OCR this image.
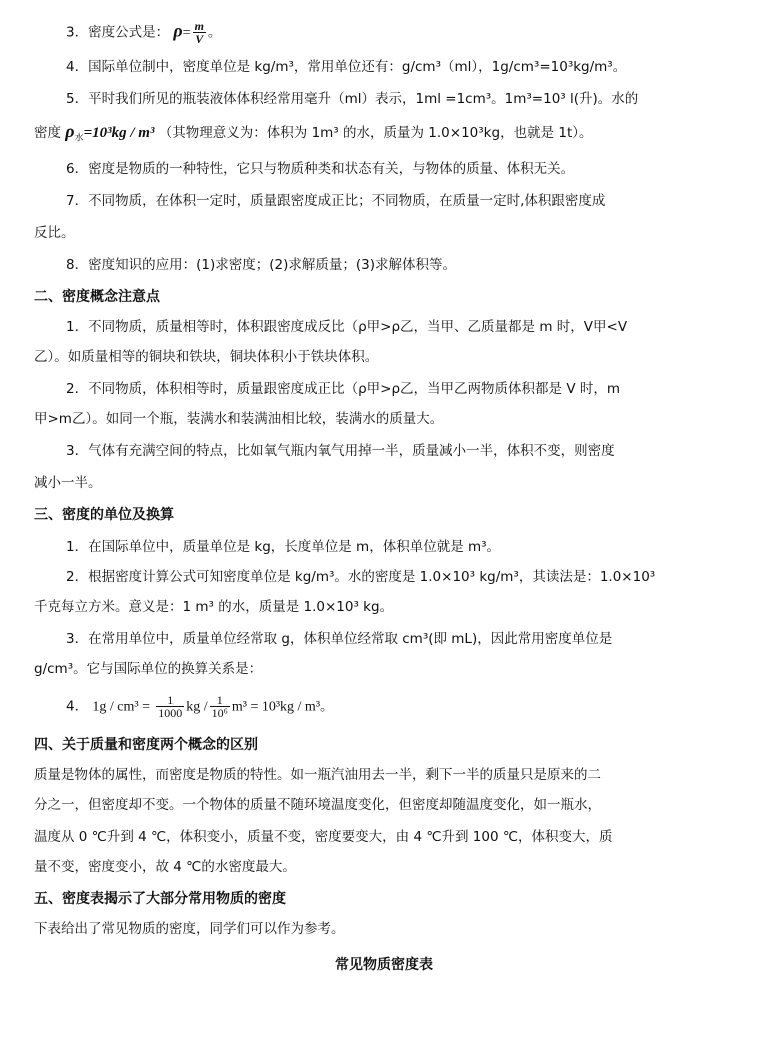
3．密度公式是： $\rho= \frac{m}{V}$ 。
4．国际单位制中，密度单位是 kg/m³，常用单位还有：g/cm³（ml），1g/cm³=10³kg/m³。
5．平时我们所见的瓶装液体体积经常用毫升（ml）表示，1ml =1cm³。1m³=10³ l(升)。水的
密度 $\rho_水=10^3kg / m^3$ （其物理意义为：体积为 1m³ 的水，质量为 1.0×10³kg，也就是 1t）。
6．密度是物质的一种特性，它只与物质种类和状态有关，与物体的质量、体积无关。
7．不同物质，在体积一定时，质量跟密度成正比；不同物质，在质量一定时,体积跟密度成
反比。
8．密度知识的应用：(1)求密度；(2)求解质量；(3)求解体积等。
二、密度概念注意点
1．不同物质，质量相等时，体积跟密度成反比（ρ甲>ρ乙，当甲、乙质量都是 m 时，V甲<V
乙）。如质量相等的铜块和铁块，铜块体积小于铁块体积。
2．不同物质，体积相等时，质量跟密度成正比（ρ甲>ρ乙，当甲乙两物质体积都是 V 时，m
甲>m乙）。如同一个瓶，装满水和装满油相比较，装满水的质量大。
3．气体有充满空间的特点，比如氧气瓶内氧气用掉一半，质量减小一半，体积不变，则密度
减小一半。
三、密度的单位及换算
1．在国际单位中，质量单位是 kg，长度单位是 m，体积单位就是 m³。
2．根据密度计算公式可知密度单位是 kg/m³。水的密度是 1.0×10³ kg/m³，其读法是：1.0×10³
千克每立方米。意义是：1 m³ 的水，质量是 1.0×10³ kg。
3．在常用单位中，质量单位经常取 g，体积单位经常取 cm³(即 mL)，因此常用密度单位是
g/cm³。它与国际单位的换算关系是：
4． $1g / cm^3 = \frac{1}{1000}$ kg / $\frac{1}{\text{10⁶}} m^3 = 10^3kg / m^3$。
四、关于质量和密度两个概念的区别
质量是物体的属性，而密度是物质的特性。如一瓶汽油用去一半，剩下一半的质量只是原来的二
分之一，但密度却不变。一个物体的质量不随环境温度变化，但密度却随温度变化，如一瓶水，
温度从 0 ℃升到 4 ℃，体积变小，质量不变，密度要变大，由 4 ℃升到 100 ℃，体积变大，质
量不变，密度变小，故 4 ℃的水密度最大。
五、密度表揭示了大部分常用物质的密度
下表给出了常见物质的密度，同学们可以作为参考。
常见物质密度表
